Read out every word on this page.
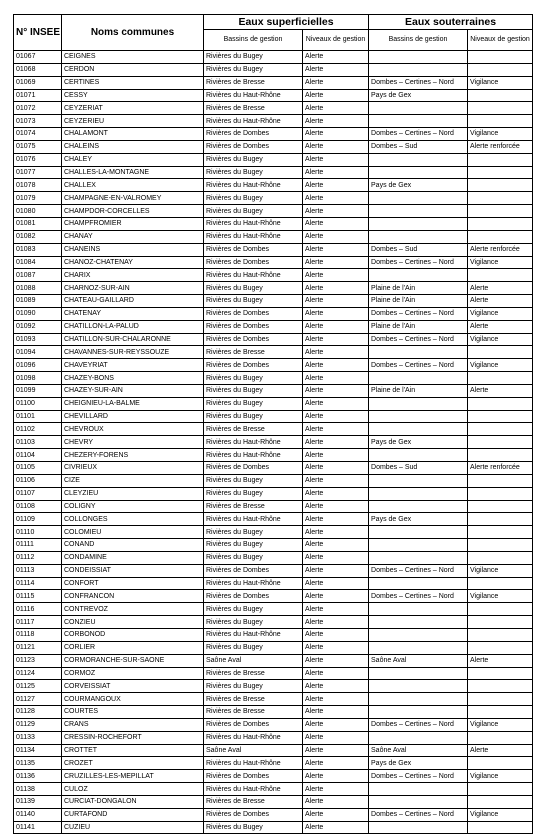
N° INSEE	Noms communes	Eaux superficielles		Eaux souterraines	
		Bassins de gestion	Niveaux de gestion	Bassins de gestion	Niveaux de gestion
01067	CEIGNES	Rivières du Bugey	Alerte		
01068	CERDON	Rivières du Bugey	Alerte		
01069	CERTINES	Rivières de Bresse	Alerte	Dombes – Certines – Nord	Vigilance
01071	CESSY	Rivières du Haut-Rhône	Alerte	Pays de Gex	
01072	CEYZERIAT	Rivières de Bresse	Alerte		
01073	CEYZERIEU	Rivières du Haut-Rhône	Alerte		
01074	CHALAMONT	Rivières de Dombes	Alerte	Dombes – Certines – Nord	Vigilance
01075	CHALEINS	Rivières de Dombes	Alerte	Dombes – Sud	Alerte renforcée
01076	CHALEY	Rivières du Bugey	Alerte		
01077	CHALLES-LA-MONTAGNE	Rivières du Bugey	Alerte		
01078	CHALLEX	Rivières du Haut-Rhône	Alerte	Pays de Gex	
01079	CHAMPAGNE-EN-VALROMEY	Rivières du Bugey	Alerte		
01080	CHAMPDOR-CORCELLES	Rivières du Bugey	Alerte		
01081	CHAMPFROMIER	Rivières du Haut-Rhône	Alerte		
01082	CHANAY	Rivières du Haut-Rhône	Alerte		
01083	CHANEINS	Rivières de Dombes	Alerte	Dombes – Sud	Alerte renforcée
01084	CHANOZ-CHATENAY	Rivières de Dombes	Alerte	Dombes – Certines – Nord	Vigilance
01087	CHARIX	Rivières du Haut-Rhône	Alerte		
01088	CHARNOZ-SUR-AIN	Rivières du Bugey	Alerte	Plaine de l'Ain	Alerte
01089	CHATEAU-GAILLARD	Rivières du Bugey	Alerte	Plaine de l'Ain	Alerte
01090	CHATENAY	Rivières de Dombes	Alerte	Dombes – Certines – Nord	Vigilance
01092	CHATILLON-LA-PALUD	Rivières de Dombes	Alerte	Plaine de l'Ain	Alerte
01093	CHATILLON-SUR-CHALARONNE	Rivières de Dombes	Alerte	Dombes – Certines – Nord	Vigilance
01094	CHAVANNES-SUR-REYSSOUZE	Rivières de Bresse	Alerte		
01096	CHAVEYRIAT	Rivières de Dombes	Alerte	Dombes – Certines – Nord	Vigilance
01098	CHAZEY-BONS	Rivières du Bugey	Alerte		
01099	CHAZEY-SUR-AIN	Rivières du Bugey	Alerte	Plaine de l'Ain	Alerte
01100	CHEIGNIEU-LA-BALME	Rivières du Bugey	Alerte		
01101	CHEVILLARD	Rivières du Bugey	Alerte		
01102	CHEVROUX	Rivières de Bresse	Alerte		
01103	CHEVRY	Rivières du Haut-Rhône	Alerte	Pays de Gex	
01104	CHEZERY-FORENS	Rivières du Haut-Rhône	Alerte		
01105	CIVRIEUX	Rivières de Dombes	Alerte	Dombes – Sud	Alerte renforcée
01106	CIZE	Rivières du Bugey	Alerte		
01107	CLEYZIEU	Rivières du Bugey	Alerte		
01108	COLIGNY	Rivières de Bresse	Alerte		
01109	COLLONGES	Rivières du Haut-Rhône	Alerte	Pays de Gex	
01110	COLOMIEU	Rivières du Bugey	Alerte		
01111	CONAND	Rivières du Bugey	Alerte		
01112	CONDAMINE	Rivières du Bugey	Alerte		
01113	CONDEISSIAT	Rivières de Dombes	Alerte	Dombes – Certines – Nord	Vigilance
01114	CONFORT	Rivières du Haut-Rhône	Alerte		
01115	CONFRANCON	Rivières de Dombes	Alerte	Dombes – Certines – Nord	Vigilance
01116	CONTREVOZ	Rivières du Bugey	Alerte		
01117	CONZIEU	Rivières du Bugey	Alerte		
01118	CORBONOD	Rivières du Haut-Rhône	Alerte		
01121	CORLIER	Rivières du Bugey	Alerte		
01123	CORMORANCHE-SUR-SAONE	Saône Aval	Alerte	Saône Aval	Alerte
01124	CORMOZ	Rivières de Bresse	Alerte		
01125	CORVEISSIAT	Rivières du Bugey	Alerte		
01127	COURMANGOUX	Rivières de Bresse	Alerte		
01128	COURTES	Rivières de Bresse	Alerte		
01129	CRANS	Rivières de Dombes	Alerte	Dombes – Certines – Nord	Vigilance
01133	CRESSIN-ROCHEFORT	Rivières du Haut-Rhône	Alerte		
01134	CROTTET	Saône Aval	Alerte	Saône Aval	Alerte
01135	CROZET	Rivières du Haut-Rhône	Alerte	Pays de Gex	
01136	CRUZILLES-LES-MEPILLAT	Rivières de Dombes	Alerte	Dombes – Certines – Nord	Vigilance
01138	CULOZ	Rivières du Haut-Rhône	Alerte		
01139	CURCIAT-DONGALON	Rivières de Bresse	Alerte		
01140	CURTAFOND	Rivières de Dombes	Alerte	Dombes – Certines – Nord	Vigilance
01141	CUZIEU	Rivières du Bugey	Alerte		
